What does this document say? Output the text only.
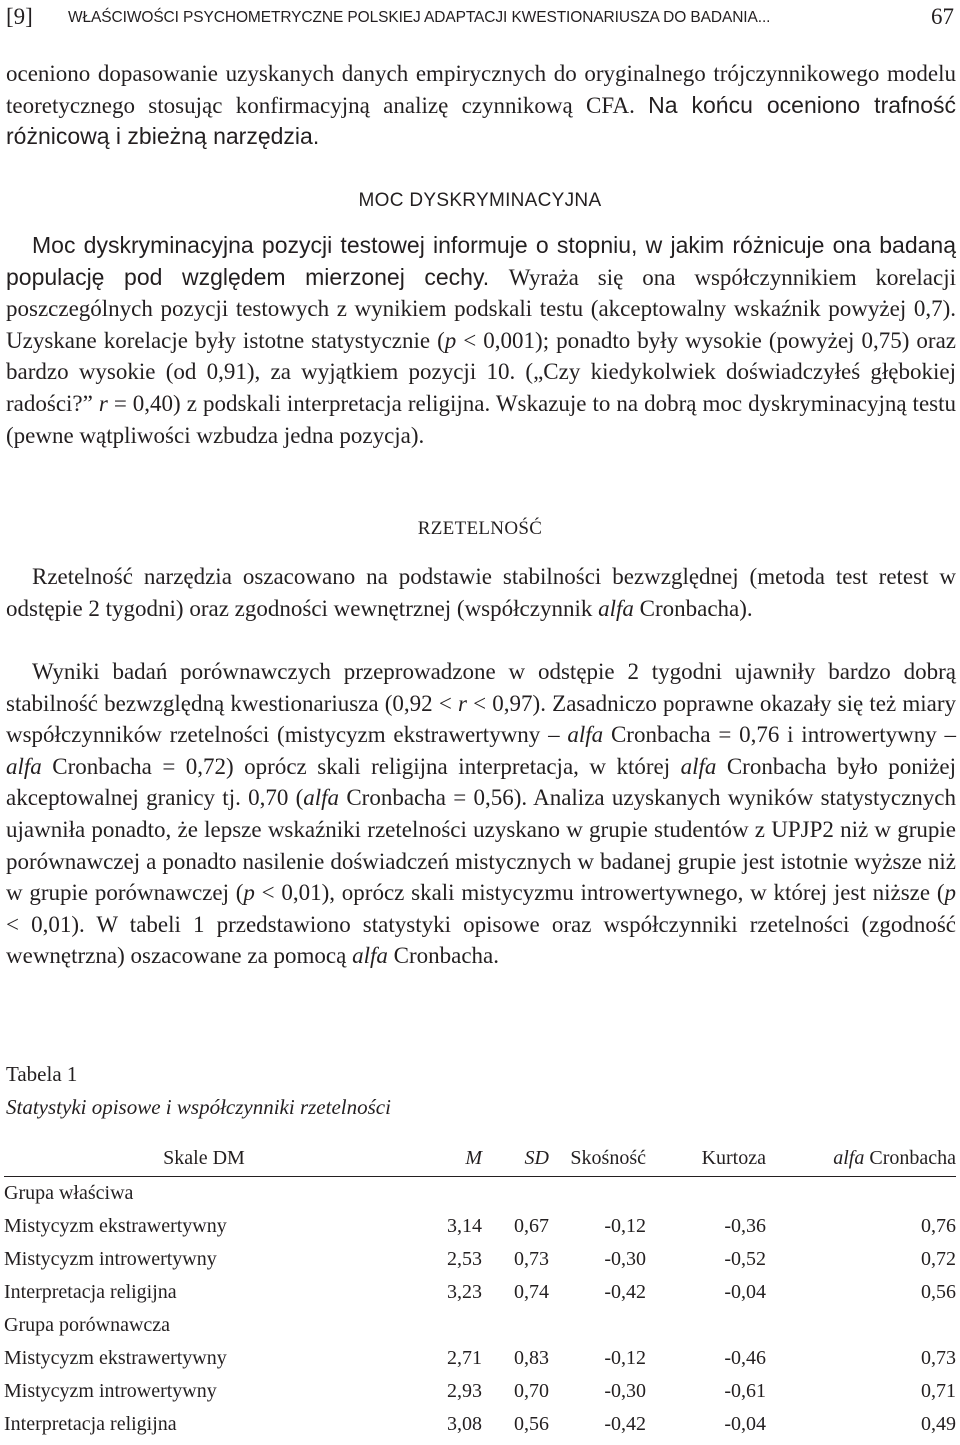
[9] WŁAŚCIWOŚCI PSYCHOMETRYCZNE POLSKIEJ ADAPTACJI KWESTIONARIUSZA DO BADANIA...	67

oceniono dopasowanie uzyskanych danych empirycznych do oryginalnego trójczynnikowego modelu teoretycznego stosując konfirmacyjną analizę czynnikową CFA. Na końcu oceniono trafność różnicową i zbieżną narzędzia.

MOC DYSKRYMINACYJNA

Moc dyskryminacyjna pozycji testowej informuje o stopniu, w jakim różnicuje ona badaną populację pod względem mierzonej cechy. Wyraża się ona współczynnikiem korelacji poszczególnych pozycji testowych z wynikiem podskali testu (akceptowalny wskaźnik powyżej 0,7). Uzyskane korelacje były istotne statystycznie (p < 0,001); ponadto były wysokie (powyżej 0,75) oraz bardzo wysokie (od 0,91), za wyjątkiem pozycji 10. („Czy kiedykolwiek doświadczyłeś głębokiej radości?” r = 0,40) z podskali interpretacja religijna. Wskazuje to na dobrą moc dyskryminacyjną testu (pewne wątpliwości wzbudza jedna pozycja).

RZETELNOŚĆ

Rzetelność narzędzia oszacowano na podstawie stabilności bezwzględnej (metoda test retest w odstępie 2 tygodni) oraz zgodności wewnętrznej (współczynnik alfa Cronbacha).

Wyniki badań porównawczych przeprowadzone w odstępie 2 tygodni ujawniły bardzo dobrą stabilność bezwzględną kwestionariusza (0,92 < r < 0,97). Zasadniczo poprawne okazały się też miary współczynników rzetelności (mistycyzm ekstrawertywny – alfa Cronbacha = 0,76 i introwertywny – alfa Cronbacha = 0,72) oprócz skali religijna interpretacja, w której alfa Cronbacha było poniżej akceptowalnej granicy tj. 0,70 (alfa Cronbacha = 0,56). Analiza uzyskanych wyników statystycznych ujawniła ponadto, że lepsze wskaźniki rzetelności uzyskano w grupie studentów z UPJP2 niż w grupie porównawczej a ponadto nasilenie doświadczeń mistycznych w badanej grupie jest istotnie wyższe niż w grupie porównawczej (p < 0,01), oprócz skali mistycyzmu introwertywnego, w której jest niższe (p < 0,01). W tabeli 1 przedstawiono statystyki opisowe oraz współczynniki rzetelności (zgodność wewnętrzna) oszacowane za pomocą alfa Cronbacha.

Tabela 1
Statystyki opisowe i współczynniki rzetelności
Skale DM	M	SD	Skośność	Kurtoza	alfa Cronbacha
Grupa właściwa					
Mistycyzm ekstrawertywny	3,14	0,67	-0,12	-0,36	0,76
Mistycyzm introwertywny	2,53	0,73	-0,30	-0,52	0,72
Interpretacja religijna	3,23	0,74	-0,42	-0,04	0,56
Grupa porównawcza					
Mistycyzm ekstrawertywny	2,71	0,83	-0,12	-0,46	0,73
Mistycyzm introwertywny	2,93	0,70	-0,30	-0,61	0,71
Interpretacja religijna	3,08	0,56	-0,42	-0,04	0,49
